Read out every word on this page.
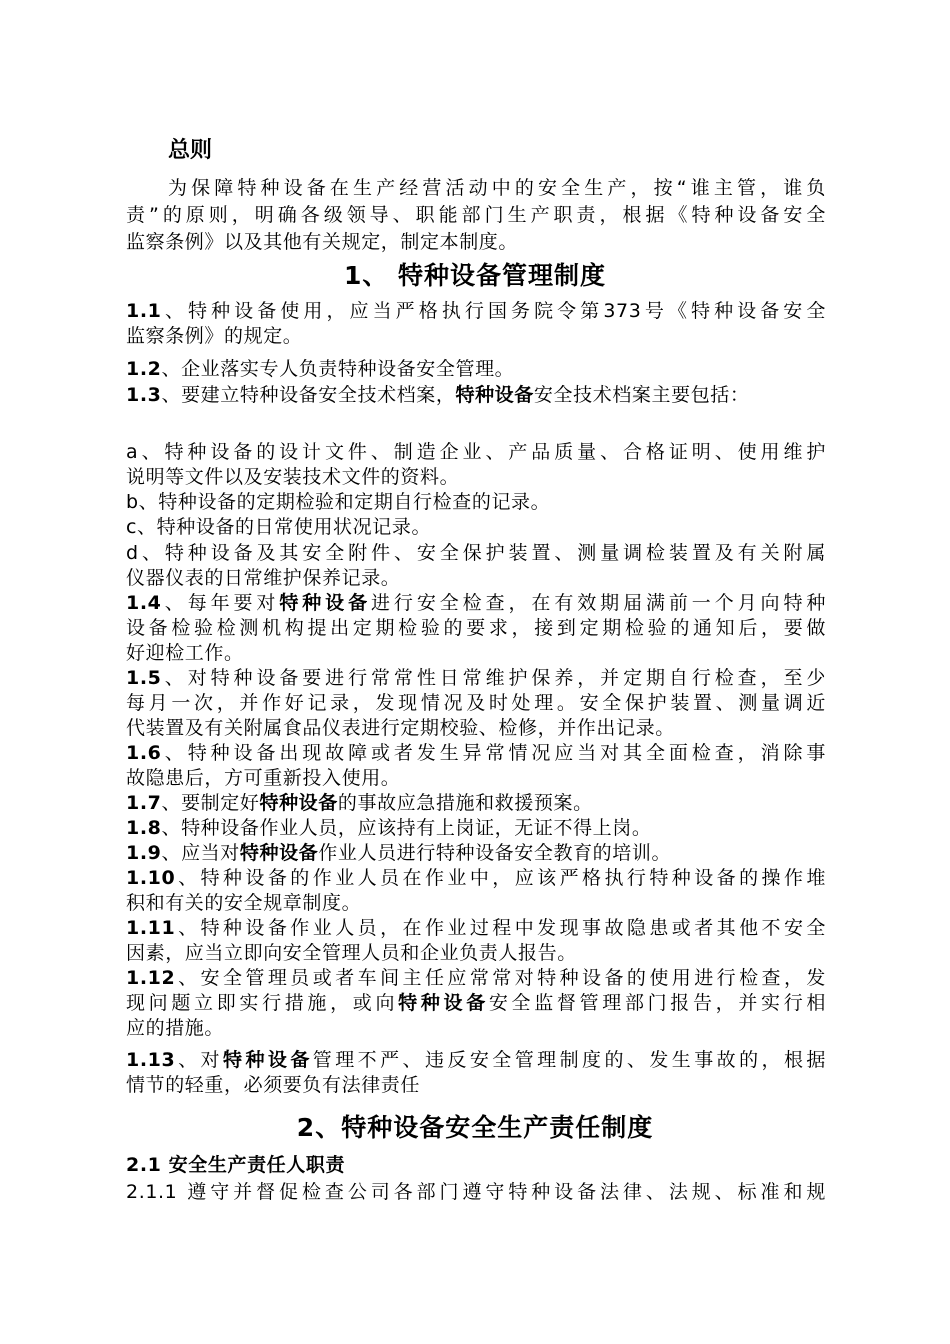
总则
为保障特种设备在生产经营活动中的安全生产，按“谁主管，谁负
责”的原则，明确各级领导、职能部门生产职责，根据《特种设备安全
监察条例》以及其他有关规定，制定本制度。
1、 特种设备管理制度
1.1、特种设备使用，应当严格执行国务院令第373号《特种设备安全
监察条例》的规定。
1.2、企业落实专人负责特种设备安全管理。
1.3、要建立特种设备安全技术档案，特种设备安全技术档案主要包括：
a、特种设备的设计文件、制造企业、产品质量、合格证明、使用维护
说明等文件以及安装技术文件的资料。
b、特种设备的定期检验和定期自行检查的记录。
c、特种设备的日常使用状况记录。
d、特种设备及其安全附件、安全保护装置、测量调检装置及有关附属
仪器仪表的日常维护保养记录。
1.4、每年要对特种设备进行安全检查，在有效期届满前一个月向特种
设备检验检测机构提出定期检验的要求，接到定期检验的通知后，要做
好迎检工作。
1.5、对特种设备要进行常常性日常维护保养，并定期自行检查，至少
每月一次，并作好记录，发现情况及时处理。安全保护装置、测量调近
代装置及有关附属食品仪表进行定期校验、检修，并作出记录。
1.6、特种设备出现故障或者发生异常情况应当对其全面检查，消除事
故隐患后，方可重新投入使用。
1.7、要制定好特种设备的事故应急措施和救援预案。
1.8、特种设备作业人员，应该持有上岗证，无证不得上岗。
1.9、应当对特种设备作业人员进行特种设备安全教育的培训。
1.10、特种设备的作业人员在作业中，应该严格执行特种设备的操作堆
积和有关的安全规章制度。
1.11、特种设备作业人员，在作业过程中发现事故隐患或者其他不安全
因素，应当立即向安全管理人员和企业负责人报告。
1.12、安全管理员或者车间主任应常常对特种设备的使用进行检查，发
现问题立即实行措施，或向特种设备安全监督管理部门报告，并实行相
应的措施。
1.13、对特种设备管理不严、违反安全管理制度的、发生事故的，根据
情节的轻重，必须要负有法律责任
2、特种设备安全生产责任制度
2.1 安全生产责任人职责
2.1.1 遵守并督促检查公司各部门遵守特种设备法律、法规、标准和规
